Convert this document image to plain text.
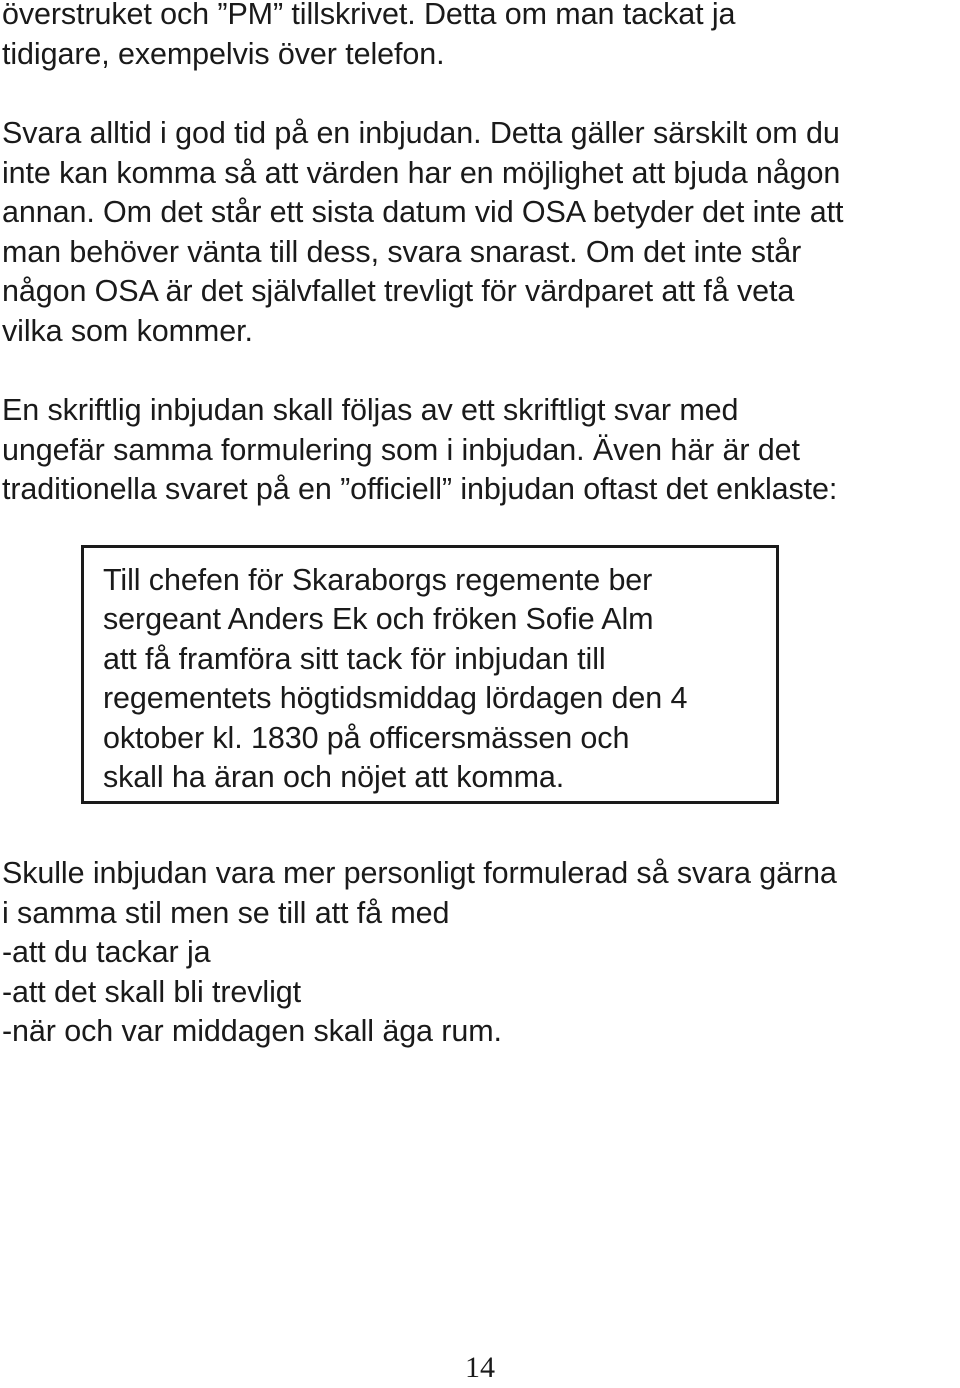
överstruket och ”PM” tillskrivet. Detta om man tackat ja
tidigare, exempelvis över telefon.

Svara alltid i god tid på en inbjudan. Detta gäller särskilt om du
inte kan komma så att värden har en möjlighet att bjuda någon
annan. Om det står ett sista datum vid OSA betyder det inte att
man behöver vänta till dess, svara snarast. Om det inte står
någon OSA är det självfallet trevligt för värdparet att få veta
vilka som kommer.

En skriftlig inbjudan skall följas av ett skriftligt svar med
ungefär samma formulering som i inbjudan. Även här är det
traditionella svaret på en ”officiell” inbjudan oftast det enklaste:

Till chefen för Skaraborgs regemente ber
sergeant Anders Ek och fröken Sofie Alm
att få framföra sitt tack för inbjudan till
regementets högtidsmiddag lördagen den 4
oktober kl. 1830 på officersmässen och
skall ha äran och nöjet att komma.

Skulle inbjudan vara mer personligt formulerad så svara gärna
i samma stil men se till att få med
-att du tackar ja
-att det skall bli trevligt
-när och var middagen skall äga rum.

14
